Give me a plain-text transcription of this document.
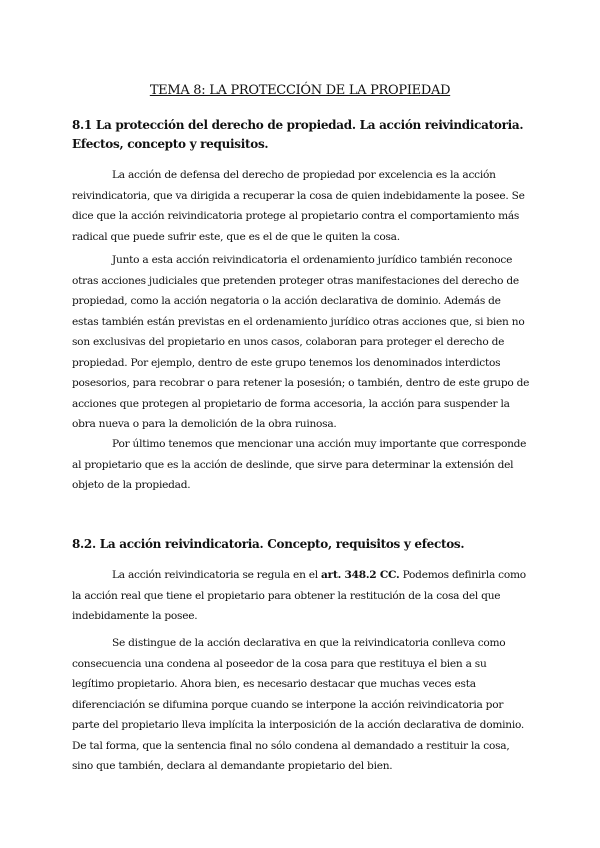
TEMA 8: LA PROTECCIÓN DE LA PROPIEDAD
8.1 La protección del derecho de propiedad. La acción reivindicatoria. Efectos, concepto y requisitos.

La acción de defensa del derecho de propiedad por excelencia es la acción reivindicatoria, que va dirigida a recuperar la cosa de quien indebidamente la posee. Se dice que la acción reivindicatoria protege al propietario contra el comportamiento más radical que puede sufrir este, que es el de que le quiten la cosa.

Junto a esta acción reivindicatoria el ordenamiento jurídico también reconoce otras acciones judiciales que pretenden proteger otras manifestaciones del derecho de propiedad, como la acción negatoria o la acción declarativa de dominio. Además de estas también están previstas en el ordenamiento jurídico otras acciones que, si bien no son exclusivas del propietario en unos casos, colaboran para proteger el derecho de propiedad. Por ejemplo, dentro de este grupo tenemos los denominados interdictos posesorios, para recobrar o para retener la posesión; o también, dentro de este grupo de acciones que protegen al propietario de forma accesoria, la acción para suspender la obra nueva o para la demolición de la obra ruinosa.

Por último tenemos que mencionar una acción muy importante que corresponde al propietario que es la acción de deslinde, que sirve para determinar la extensión del objeto de la propiedad.

8.2. La acción reivindicatoria. Concepto, requisitos y efectos.

La acción reivindicatoria se regula en el art. 348.2 CC. Podemos definirla como la acción real que tiene el propietario para obtener la restitución de la cosa del que indebidamente la posee.

Se distingue de la acción declarativa en que la reivindicatoria conlleva como consecuencia una condena al poseedor de la cosa para que restituya el bien a su legítimo propietario. Ahora bien, es necesario destacar que muchas veces esta diferenciación se difumina porque cuando se interpone la acción reivindicatoria por parte del propietario lleva implícita la interposición de la acción declarativa de dominio. De tal forma, que la sentencia final no sólo condena al demandado a restituir la cosa, sino que también, declara al demandante propietario del bien.
